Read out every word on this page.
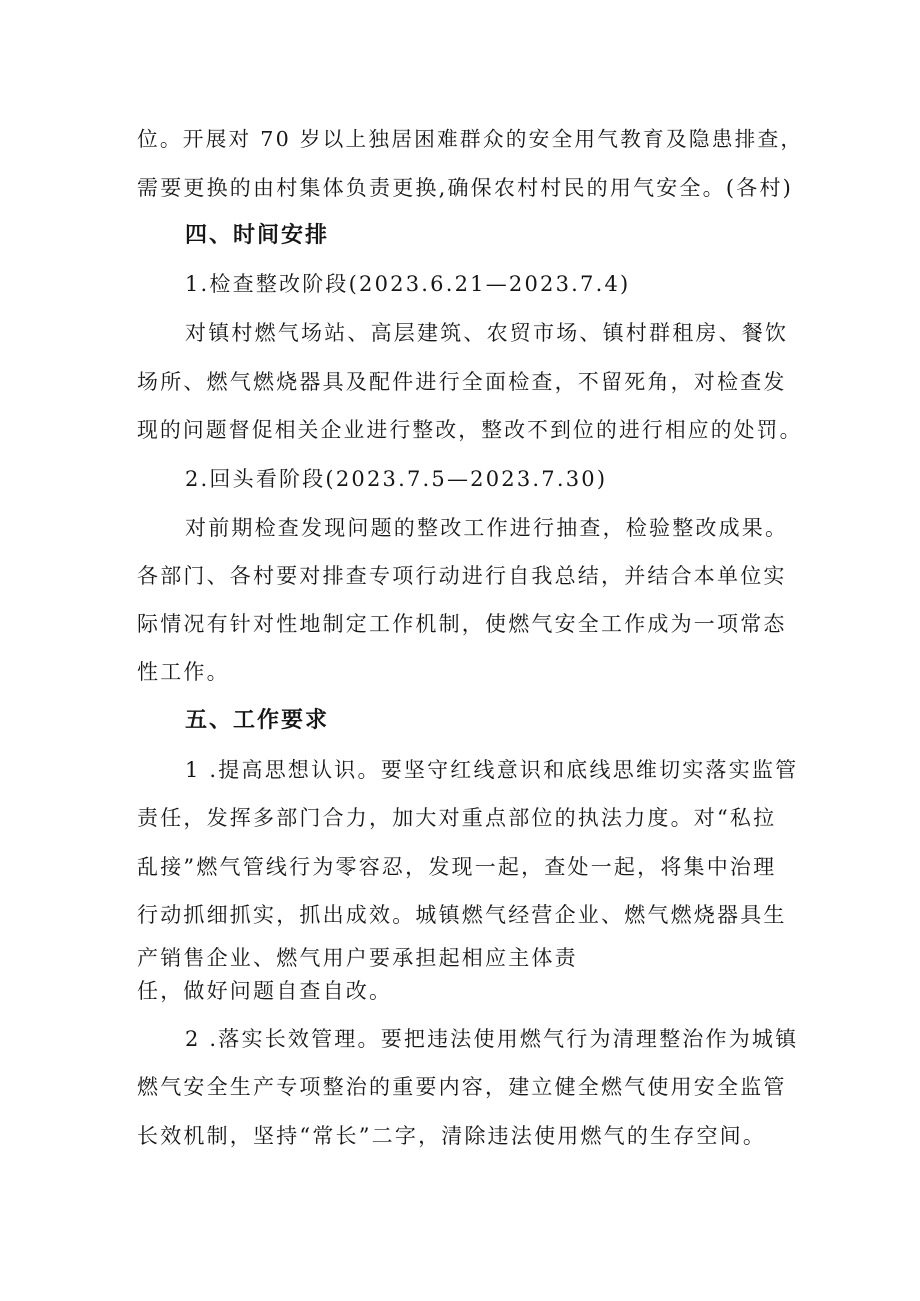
位。开展对 70 岁以上独居困难群众的安全用气教育及隐患排查，
需要更换的由村集体负责更换,确保农村村民的用气安全。(各村)
四、时间安排
1.检查整改阶段(2023.6.21—2023.7.4)
对镇村燃气场站、高层建筑、农贸市场、镇村群租房、餐饮
场所、燃气燃烧器具及配件进行全面检查，不留死角，对检查发
现的问题督促相关企业进行整改，整改不到位的进行相应的处罚。
2.回头看阶段(2023.7.5—2023.7.30)
对前期检查发现问题的整改工作进行抽查，检验整改成果。
各部门、各村要对排查专项行动进行自我总结，并结合本单位实
际情况有针对性地制定工作机制，使燃气安全工作成为一项常态
性工作。
五、工作要求
1 .提高思想认识。要坚守红线意识和底线思维切实落实监管
责任，发挥多部门合力，加大对重点部位的执法力度。对“私拉
乱接”燃气管线行为零容忍，发现一起，查处一起，将集中治理
行动抓细抓实，抓出成效。城镇燃气经营企业、燃气燃烧器具生
产销售企业、燃气用户要承担起相应主体责
任，做好问题自查自改。
2 .落实长效管理。要把违法使用燃气行为清理整治作为城镇
燃气安全生产专项整治的重要内容，建立健全燃气使用安全监管
长效机制，坚持“常长”二字，清除违法使用燃气的生存空间。
